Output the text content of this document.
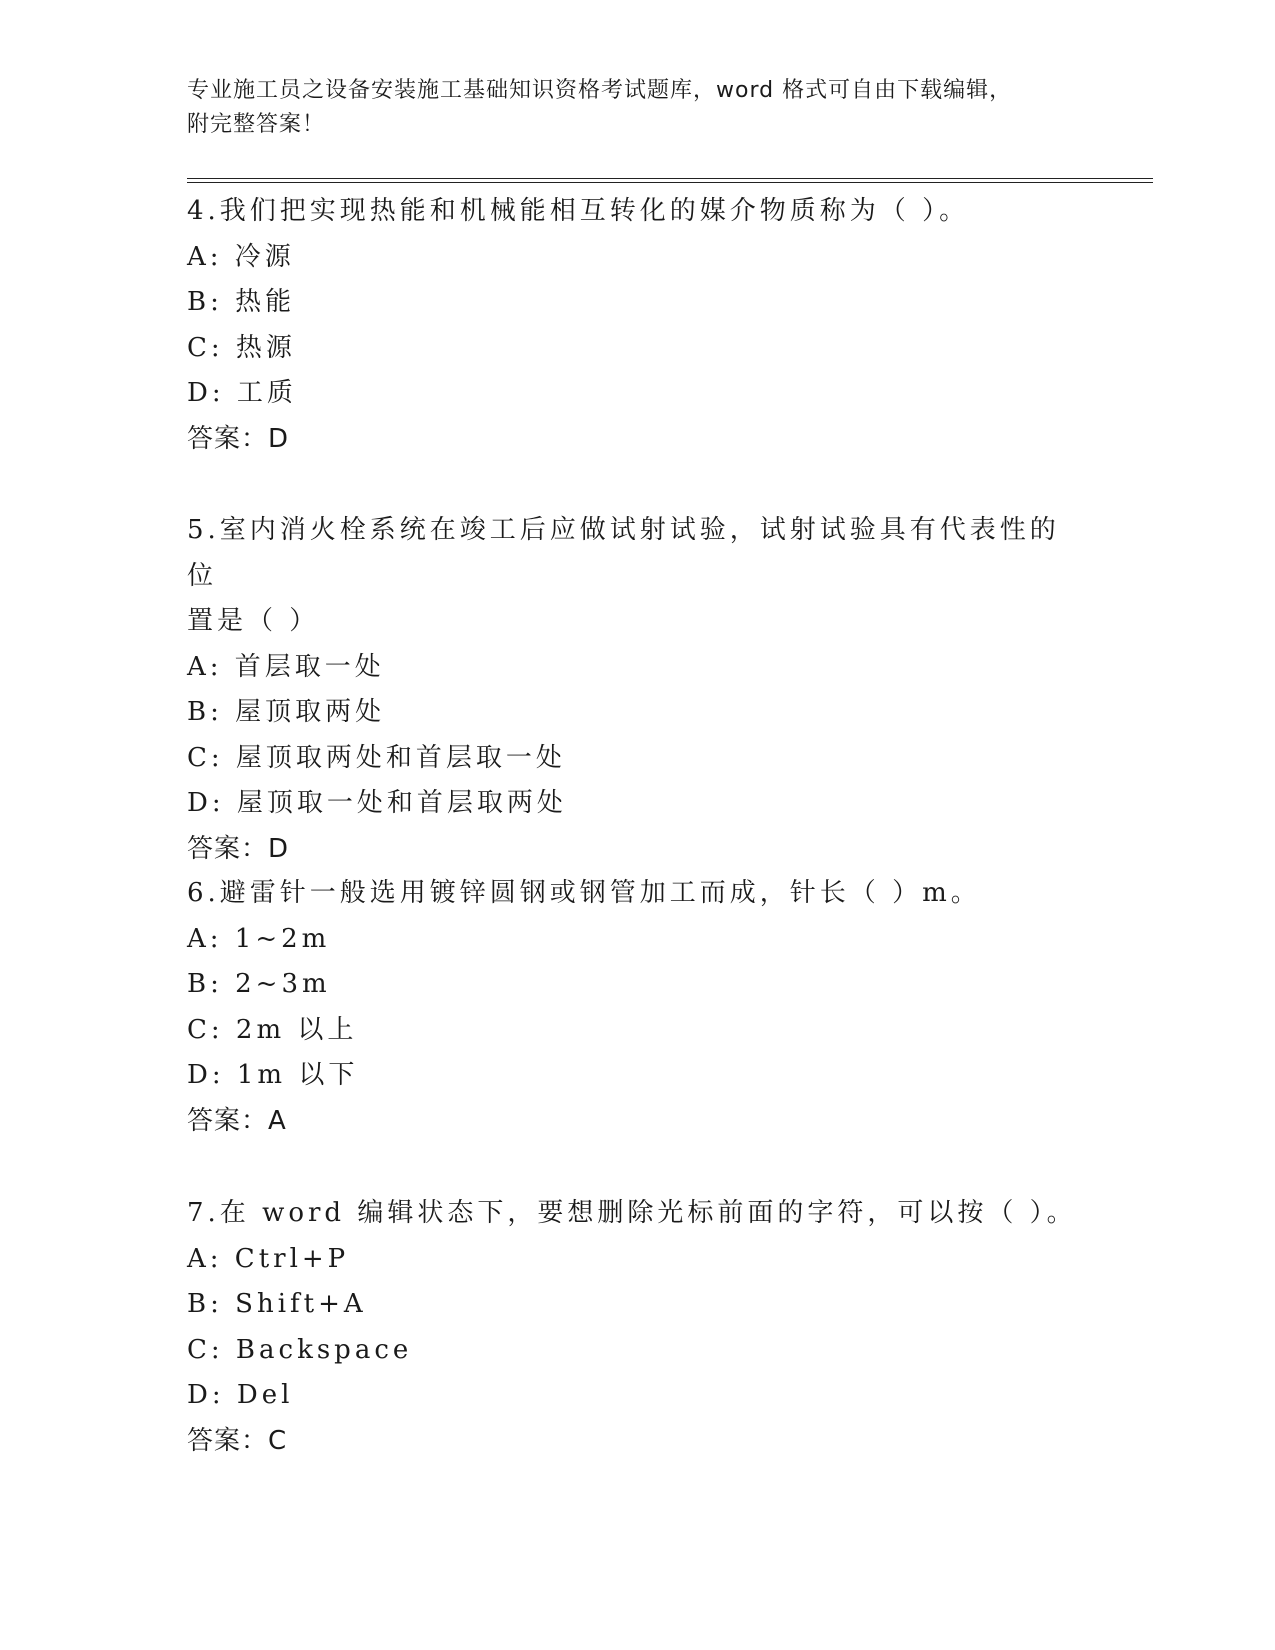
专业施工员之设备安装施工基础知识资格考试题库，word 格式可自由下载编辑，
附完整答案！
4.我们把实现热能和机械能相互转化的媒介物质称为（ ）。
A: 冷源
B: 热能
C: 热源
D: 工质
答案：D
5.室内消火栓系统在竣工后应做试射试验，试射试验具有代表性的位
置是（ ）
A: 首层取一处
B: 屋顶取两处
C: 屋顶取两处和首层取一处
D: 屋顶取一处和首层取两处
答案：D
6.避雷针一般选用镀锌圆钢或钢管加工而成，针长（ ）m。
A: 1~2m
B: 2~3m
C: 2m 以上
D: 1m 以下
答案：A
7.在 word 编辑状态下，要想删除光标前面的字符，可以按（ ）。
A: Ctrl+P
B: Shift+A
C: Backspace
D: Del
答案：C
